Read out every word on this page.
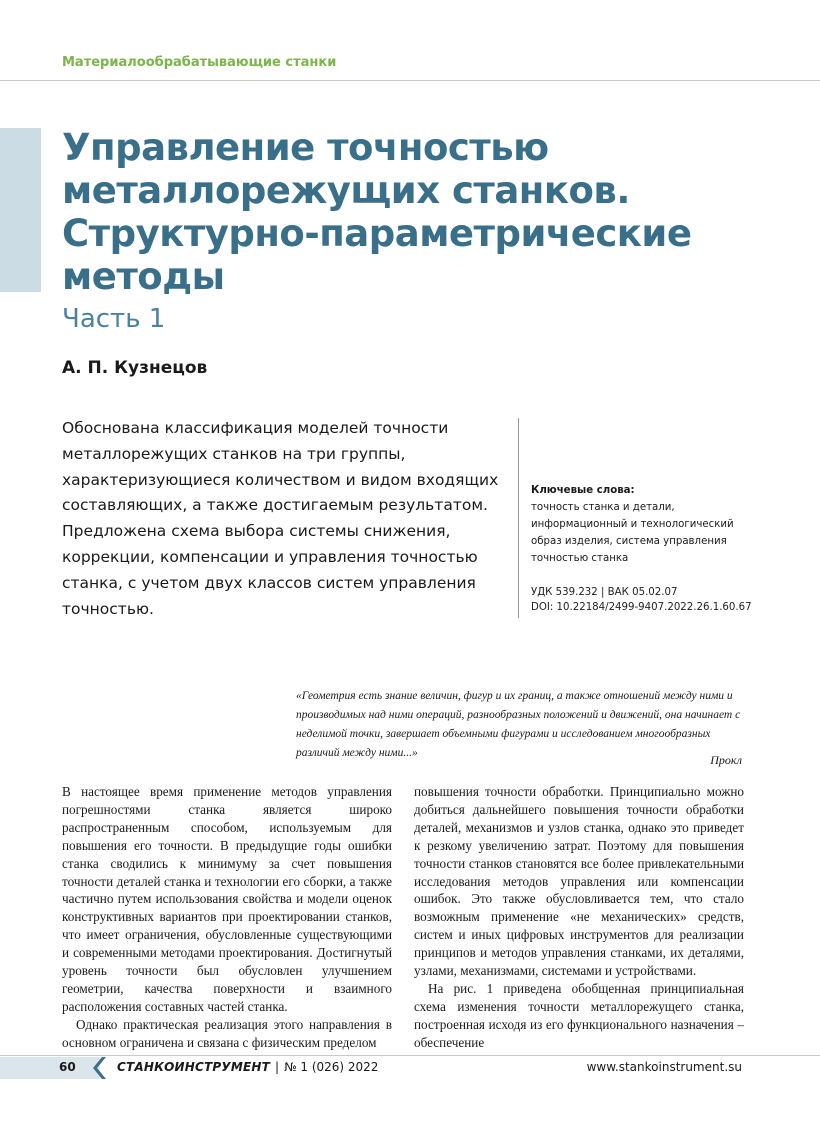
Материалообрабатывающие станки
Управление точностью металлорежущих станков. Структурно-параметрические методы
Часть 1
А. П. Кузнецов

Обоснована классификация моделей точности металлорежущих станков на три группы, характеризующиеся количеством и видом входящих составляющих, а также достигаемым результатом. Предложена схема выбора системы снижения, коррекции, компенсации и управления точностью станка, с учетом двух классов систем управления точностью.

Ключевые слова:
точность станка и детали, информационный и технологический образ изделия, система управления точностью станка
УДК 539.232 | ВАК 05.02.07
DOI: 10.22184/2499-9407.2022.26.1.60.67

«Геометрия есть знание величин, фигур и их границ, а также отношений между ними и производимых над ними операций, разнообразных положений и движений, она начинает с неделимой точки, завершает объемными фигурами и исследованием многообразных различий между ними...»	Прокл

В настоящее время применение методов управления погрешностями станка является широко распространенным способом, используемым для повышения его точности. В предыдущие годы ошибки станка сводились к минимуму за счет повышения точности деталей станка и технологии его сборки, а также частично путем использования свойства и модели оценок конструктивных вариантов при проектировании станков, что имеет ограничения, обусловленные существующими и современными методами проектирования. Достигнутый уровень точности был обусловлен улучшением геометрии, качества поверхности и взаимного расположения составных частей станка.

Однако практическая реализация этого направления в основном ограничена и связана с физическим пределом

повышения точности обработки. Принципиально можно добиться дальнейшего повышения точности обработки деталей, механизмов и узлов станка, однако это приведет к резкому увеличению затрат. Поэтому для повышения точности станков становятся все более привлекательными исследования методов управления или компенсации ошибок. Это также обусловливается тем, что стало возможным применение «не механических» средств, систем и иных цифровых инструментов для реализации принципов и методов управления станками, их деталями, узлами, механизмами, системами и устройствами.

На рис. 1 приведена обобщенная принципиальная схема изменения точности металлорежущего станка, построенная исходя из его функционального назначения – обеспечение

60	СТАНКОИНСТРУМЕНТ | № 1 (026) 2022	www.stankoinstrument.su
